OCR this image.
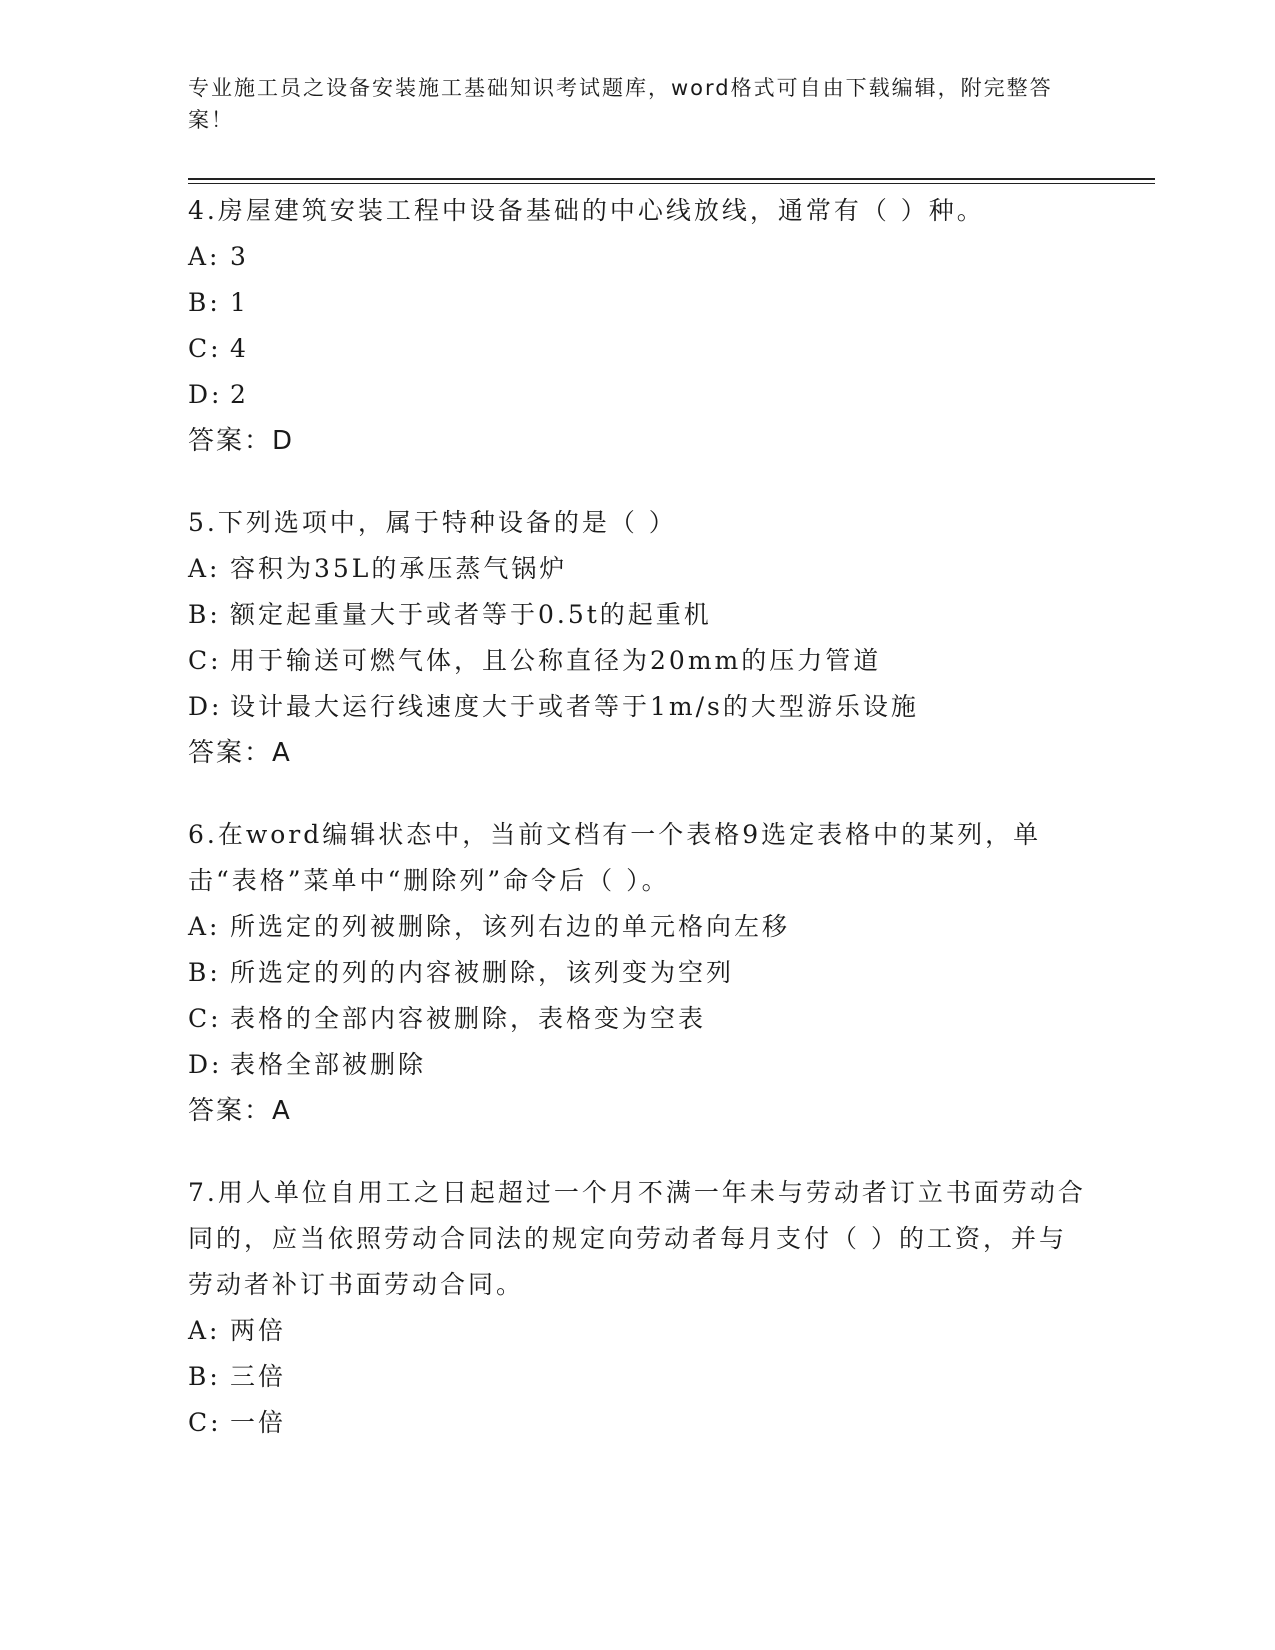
专业施工员之设备安装施工基础知识考试题库，word格式可自由下载编辑，附完整答案！

4.房屋建筑安装工程中设备基础的中心线放线，通常有（ ）种。

A: 3

B: 1

C: 4

D: 2

答案：D

5.下列选项中，属于特种设备的是（ ）

A: 容积为35L的承压蒸气锅炉

B: 额定起重量大于或者等于0.5t的起重机

C: 用于输送可燃气体，且公称直径为20mm的压力管道

D: 设计最大运行线速度大于或者等于1m/s的大型游乐设施

答案：A

6.在word编辑状态中，当前文档有一个表格9选定表格中的某列，单击“表格”菜单中“删除列”命令后（ ）。

A: 所选定的列被删除，该列右边的单元格向左移

B: 所选定的列的内容被删除，该列变为空列

C: 表格的全部内容被删除，表格变为空表

D: 表格全部被删除

答案：A

7.用人单位自用工之日起超过一个月不满一年未与劳动者订立书面劳动合同的，应当依照劳动合同法的规定向劳动者每月支付（ ）的工资，并与劳动者补订书面劳动合同。

A: 两倍

B: 三倍

C: 一倍
